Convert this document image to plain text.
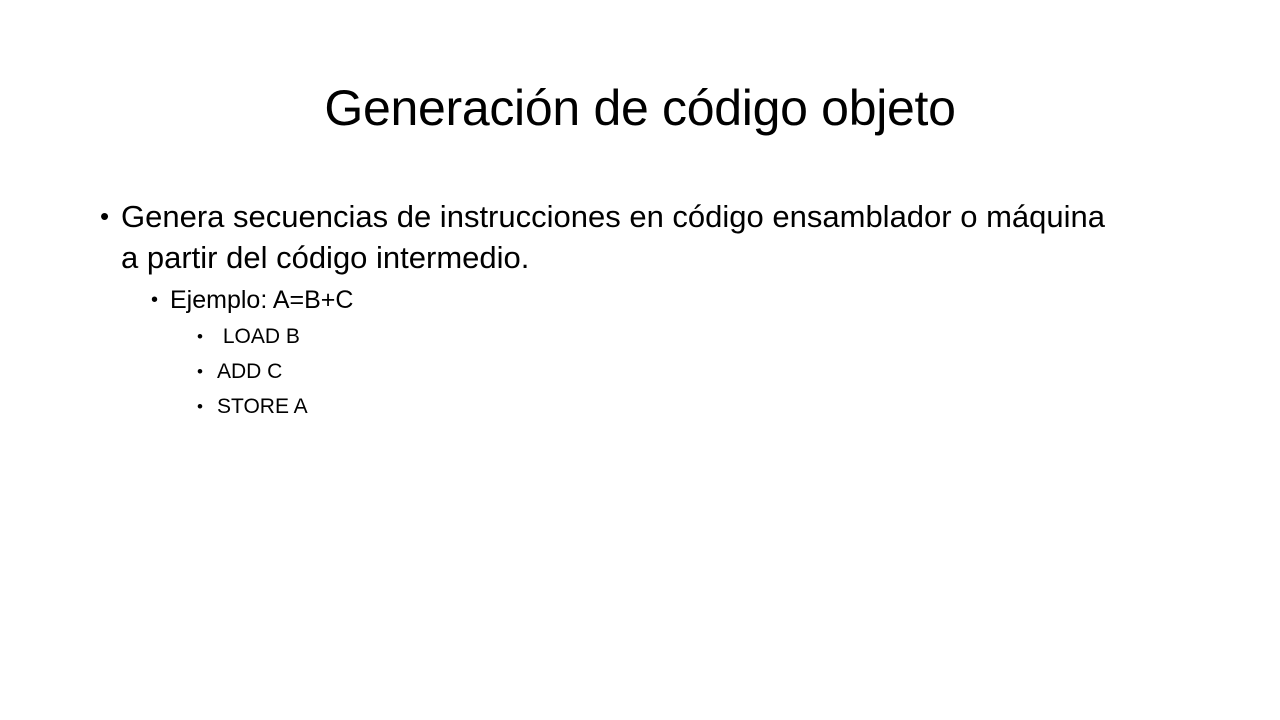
Generación de código objeto
• Genera secuencias de instrucciones en código ensamblador o máquina a partir del código intermedio.
• Ejemplo: A=B+C
• LOAD B
• ADD C
• STORE A
